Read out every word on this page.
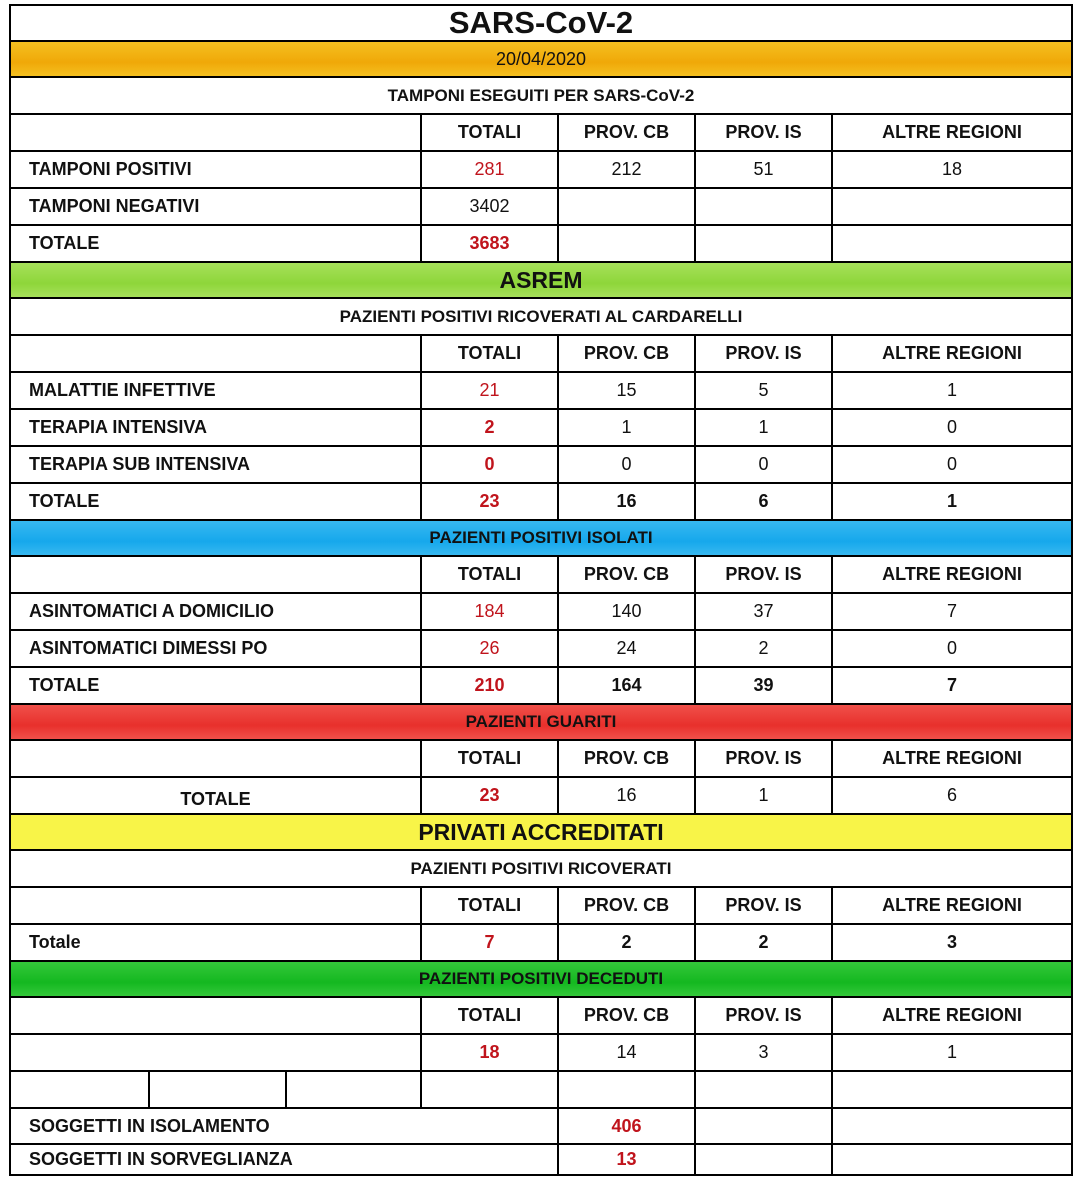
SARS-CoV-2
20/04/2020
TAMPONI ESEGUITI PER SARS-CoV-2
TOTALI	PROV. CB	PROV. IS	ALTRE REGIONI
TAMPONI POSITIVI	281	212	51	18
TAMPONI NEGATIVI	3402
TOTALE	3683
ASREM
PAZIENTI POSITIVI RICOVERATI AL CARDARELLI
TOTALI	PROV. CB	PROV. IS	ALTRE REGIONI
MALATTIE INFETTIVE	21	15	5	1
TERAPIA INTENSIVA	2	1	1	0
TERAPIA SUB INTENSIVA	0	0	0	0
TOTALE	23	16	6	1
PAZIENTI POSITIVI ISOLATI
TOTALI	PROV. CB	PROV. IS	ALTRE REGIONI
ASINTOMATICI A DOMICILIO	184	140	37	7
ASINTOMATICI DIMESSI PO	26	24	2	0
TOTALE	210	164	39	7
PAZIENTI GUARITI
TOTALI	PROV. CB	PROV. IS	ALTRE REGIONI
TOTALE	23	16	1	6
PRIVATI ACCREDITATI
PAZIENTI POSITIVI RICOVERATI
TOTALI	PROV. CB	PROV. IS	ALTRE REGIONI
Totale	7	2	2	3
PAZIENTI POSITIVI DECEDUTI
TOTALI	PROV. CB	PROV. IS	ALTRE REGIONI
18	14	3	1
SOGGETTI IN ISOLAMENTO	406
SOGGETTI IN SORVEGLIANZA	13
